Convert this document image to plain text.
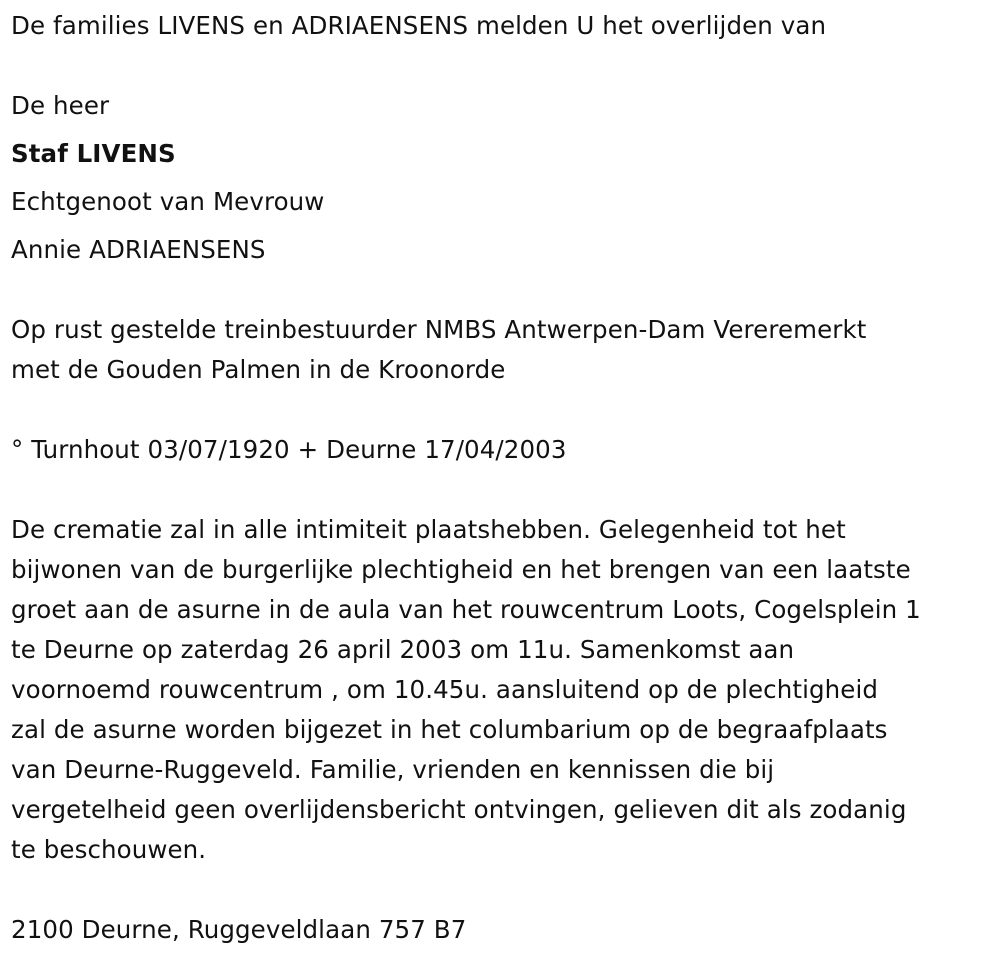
De families LIVENS en ADRIAENSENS melden U het overlijden van
De heer
Staf LIVENS
Echtgenoot van Mevrouw
Annie ADRIAENSENS
Op rust gestelde treinbestuurder NMBS Antwerpen-Dam Vereremerkt
met de Gouden Palmen in de Kroonorde
° Turnhout 03/07/1920 + Deurne 17/04/2003
De crematie zal in alle intimiteit plaatshebben. Gelegenheid tot het
bijwonen van de burgerlijke plechtigheid en het brengen van een laatste
groet aan de asurne in de aula van het rouwcentrum Loots, Cogelsplein 1
te Deurne op zaterdag 26 april 2003 om 11u. Samenkomst aan
voornoemd rouwcentrum , om 10.45u. aansluitend op de plechtigheid
zal de asurne worden bijgezet in het columbarium op de begraafplaats
van Deurne-Ruggeveld. Familie, vrienden en kennissen die bij
vergetelheid geen overlijdensbericht ontvingen, gelieven dit als zodanig
te beschouwen.
2100 Deurne, Ruggeveldlaan 757 B7
